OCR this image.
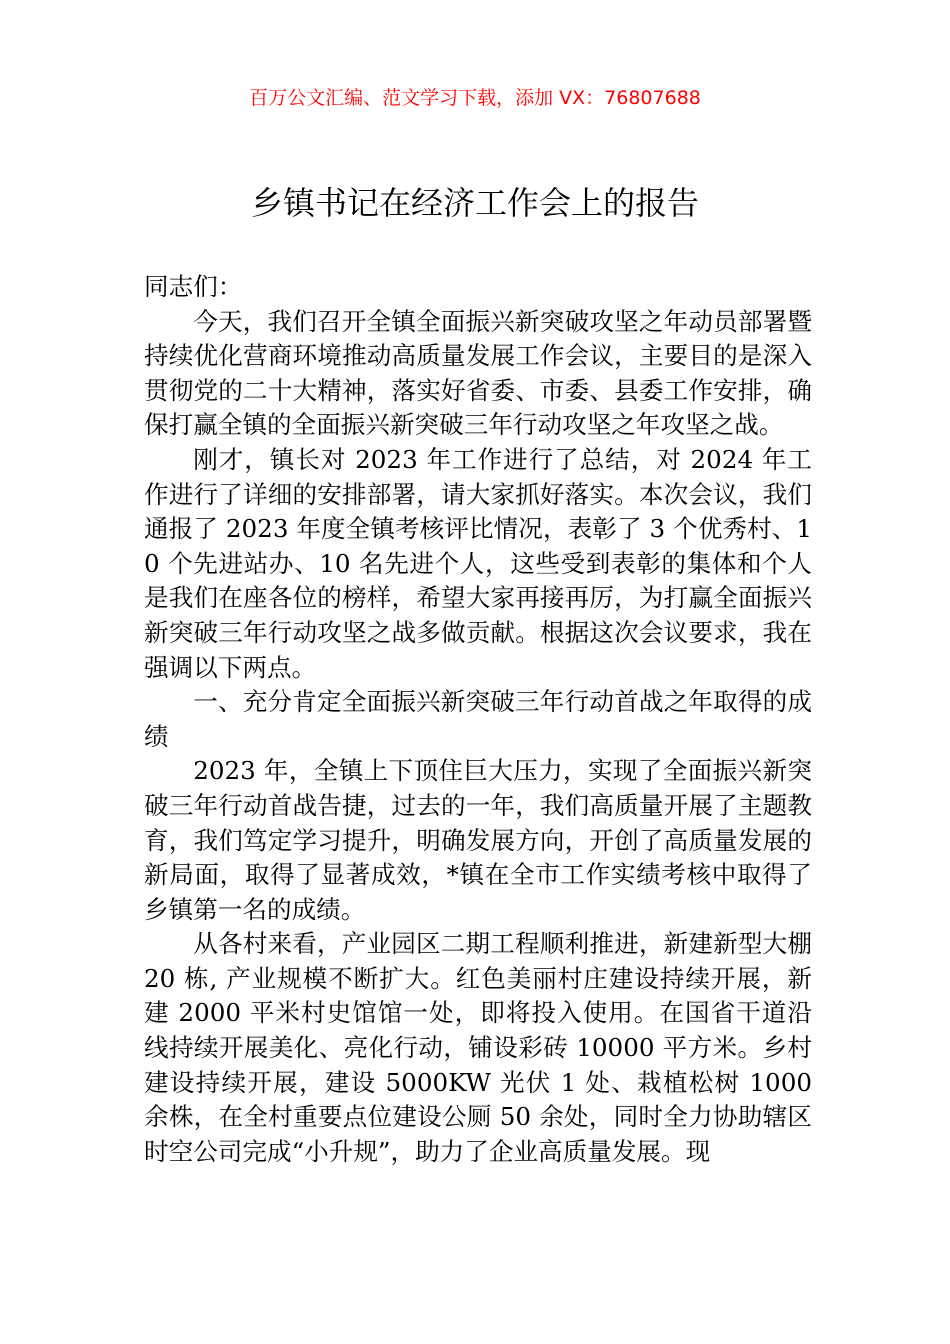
百万公文汇编、范文学习下载，添加 VX：76807688
乡镇书记在经济工作会上的报告

同志们：

今天，我们召开全镇全面振兴新突破攻坚之年动员部署暨持续优化营商环境推动高质量发展工作会议，主要目的是深入贯彻党的二十大精神，落实好省委、市委、县委工作安排，确保打赢全镇的全面振兴新突破三年行动攻坚之年攻坚之战。

刚才，镇长对 2023 年工作进行了总结，对 2024 年工作进行了详细的安排部署，请大家抓好落实。本次会议，我们通报了 2023 年度全镇考核评比情况，表彰了 3 个优秀村、10 个先进站办、10 名先进个人，这些受到表彰的集体和个人是我们在座各位的榜样，希望大家再接再厉，为打赢全面振兴新突破三年行动攻坚之战多做贡献。根据这次会议要求，我在强调以下两点。

一、充分肯定全面振兴新突破三年行动首战之年取得的成绩

2023 年，全镇上下顶住巨大压力，实现了全面振兴新突破三年行动首战告捷，过去的一年，我们高质量开展了主题教育，我们笃定学习提升，明确发展方向，开创了高质量发展的新局面，取得了显著成效，*镇在全市工作实绩考核中取得了乡镇第一名的成绩。

从各村来看，产业园区二期工程顺利推进，新建新型大棚 20 栋, 产业规模不断扩大。红色美丽村庄建设持续开展，新建 2000 平米村史馆馆一处，即将投入使用。在国省干道沿线持续开展美化、亮化行动，铺设彩砖 10000 平方米。乡村建设持续开展，建设 5000KW 光伏 1 处、栽植松树 1000 余株，在全村重要点位建设公厕 50 余处，同时全力协助辖区时空公司完成“小升规”，助力了企业高质量发展。现
